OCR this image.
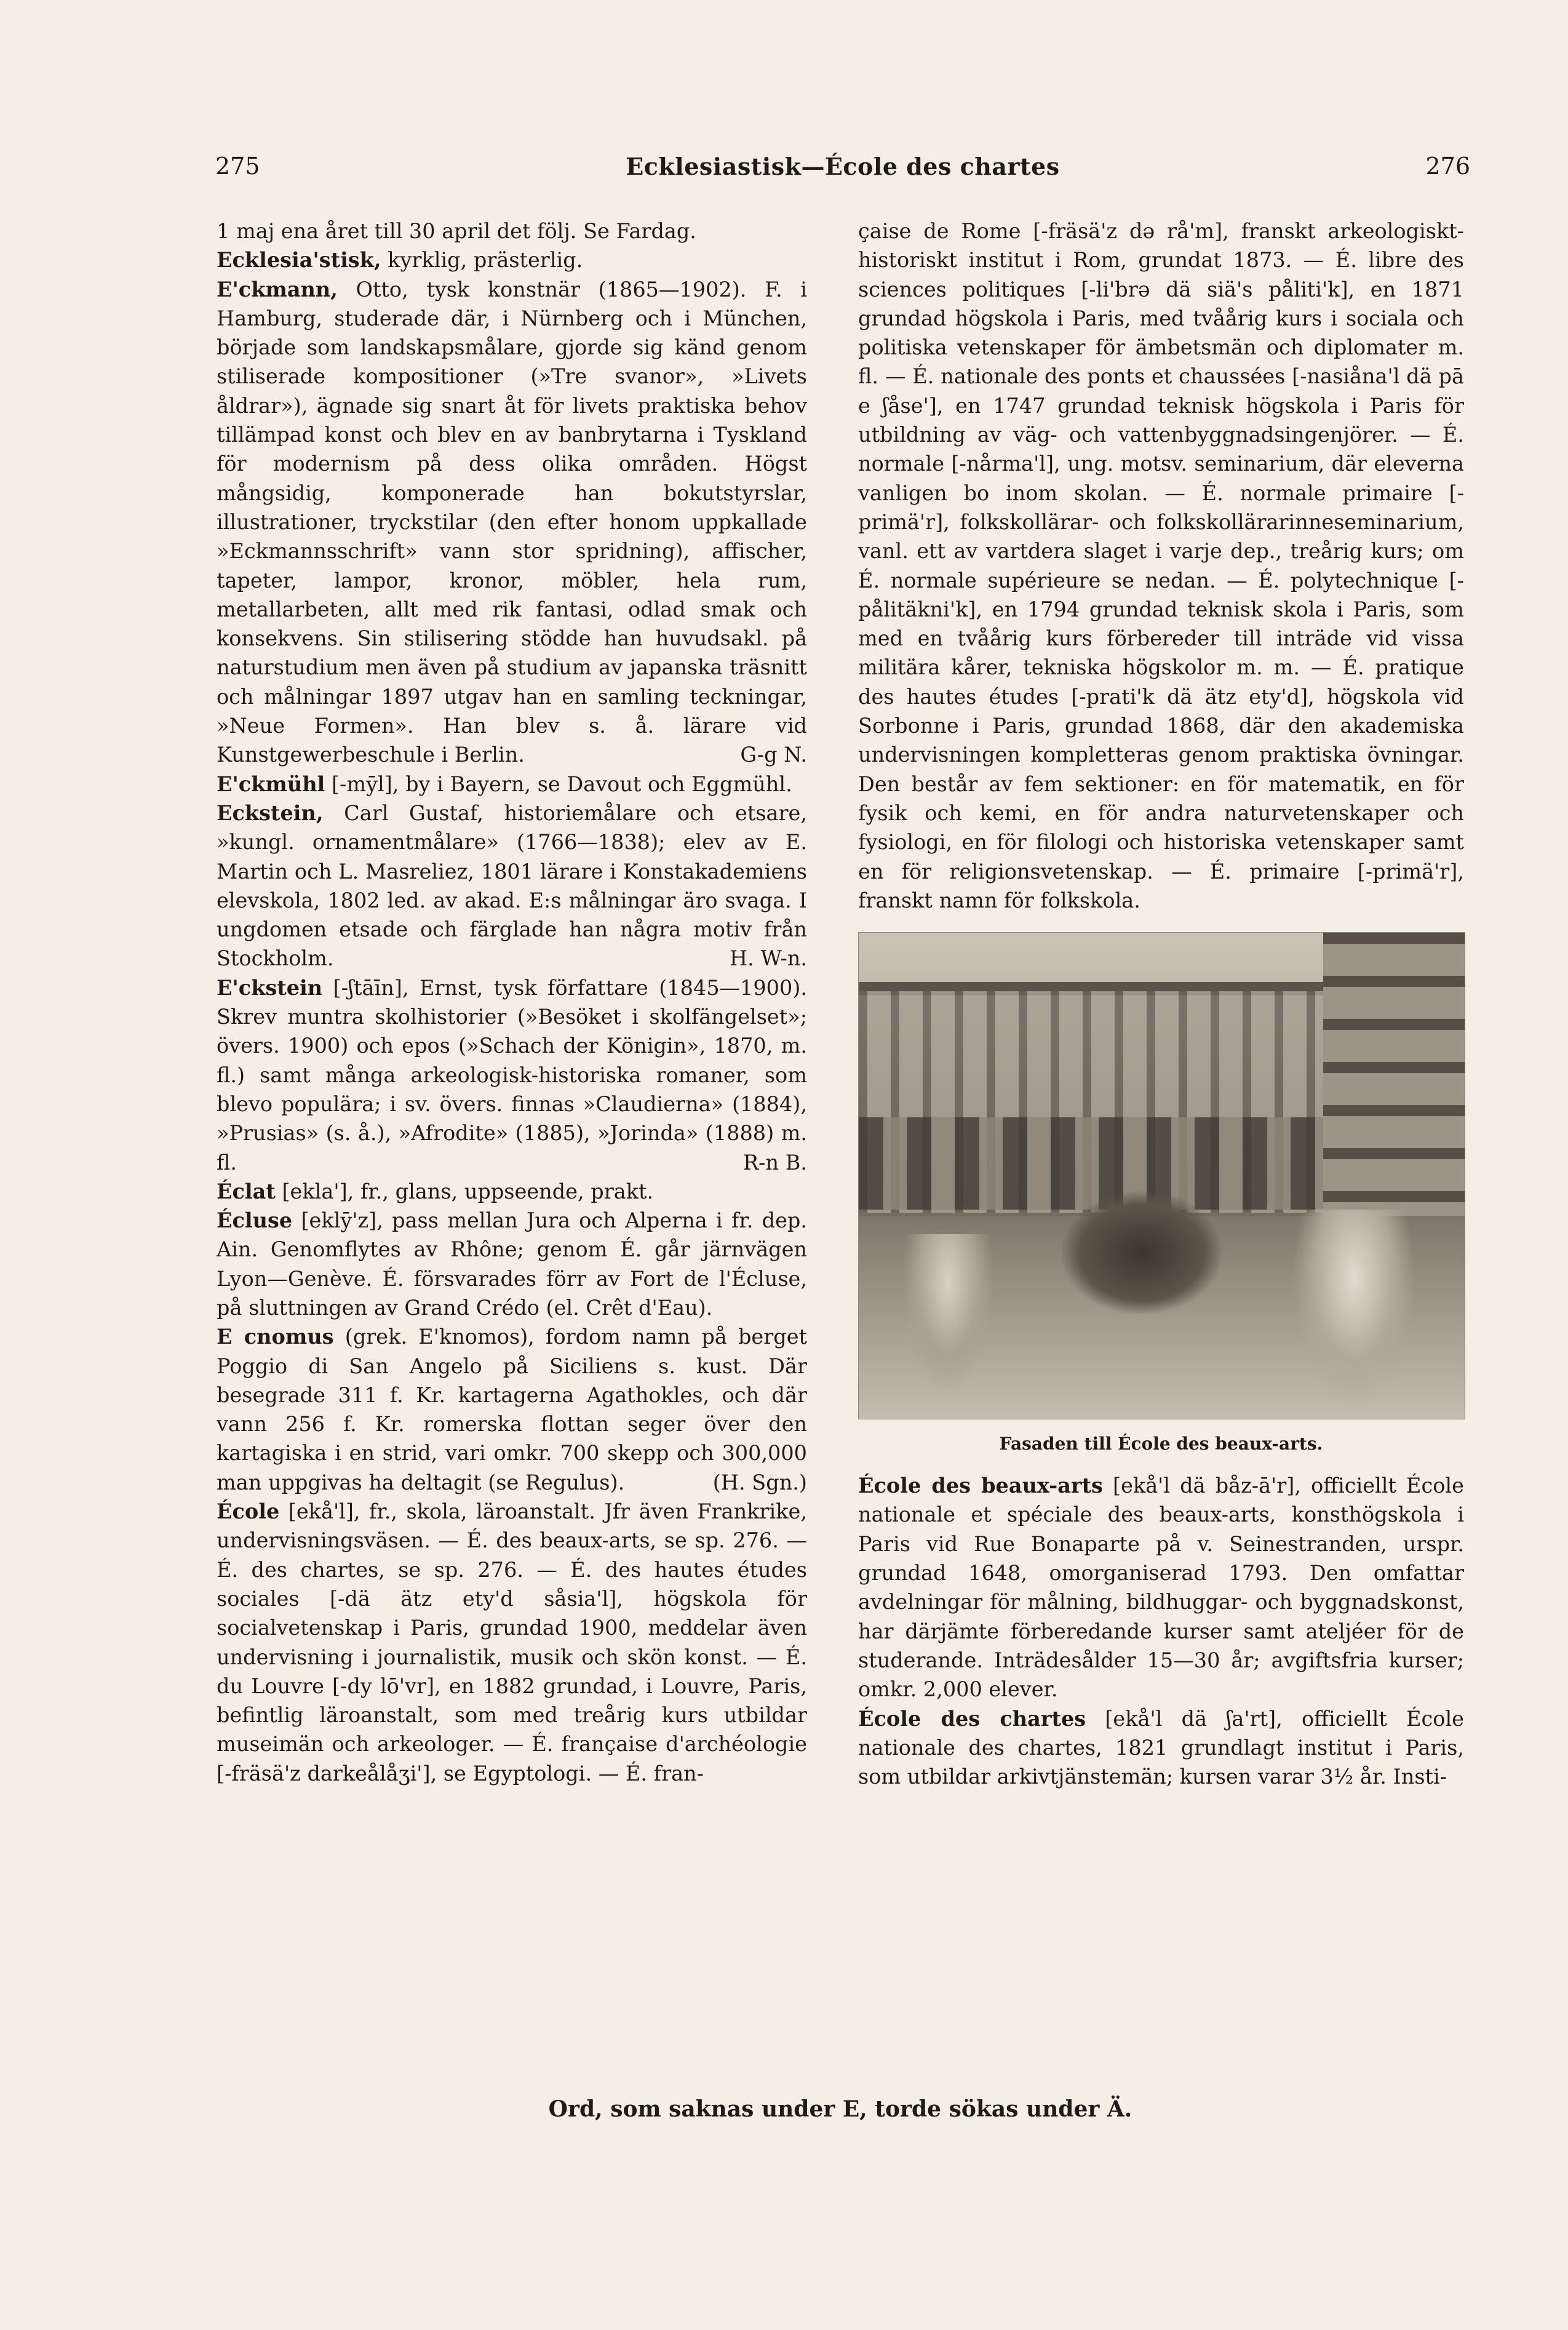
275	Ecklesiastisk—École des chartes	276

1 maj ena året till 30 april det följ. Se Fardag.

Ecklesia'stisk, kyrklig, prästerlig.

E'ckmann, Otto, tysk konstnär (1865—1902). F. i Hamburg, studerade där, i Nürnberg och i München, började som landskapsmålare, gjorde sig känd genom stiliserade kompositioner (»Tre svanor», »Livets åldrar»), ägnade sig snart åt för livets praktiska behov tillämpad konst och blev en av banbrytarna i Tyskland för modernism på dess olika områden. Högst mångsidig, komponerade han bokutstyrslar, illustrationer, tryckstilar (den efter honom uppkallade »Eckmannsschrift» vann stor spridning), affischer, tapeter, lampor, kronor, möbler, hela rum, metallarbeten, allt med rik fantasi, odlad smak och konsekvens. Sin stilisering stödde han huvudsakl. på naturstudium men även på studium av japanska träsnitt och målningar 1897 utgav han en samling teckningar, »Neue Formen». Han blev s. å. lärare vid Kunstgewerbeschule i Berlin.	G-g N.

E'ckmühl [-mȳl], by i Bayern, se Davout och Eggmühl.

Eckstein, Carl Gustaf, historiemålare och etsare, »kungl. ornamentmålare» (1766—1838); elev av E. Martin och L. Masreliez, 1801 lärare i Konstakademiens elevskola, 1802 led. av akad. E:s målningar äro svaga. I ungdomen etsade och färglade han några motiv från Stockholm.	H. W-n.

E'ckstein [-ʃtāīn], Ernst, tysk författare (1845—1900). Skrev muntra skolhistorier (»Besöket i skolfängelset»; övers. 1900) och epos (»Schach der Königin», 1870, m. fl.) samt många arkeologisk-historiska romaner, som blevo populära; i sv. övers. finnas »Claudierna» (1884), »Prusias» (s. å.), »Afrodite» (1885), »Jorinda» (1888) m. fl.	R-n B.

Éclat [ekla'], fr., glans, uppseende, prakt.

Écluse [eklȳ'z], pass mellan Jura och Alperna i fr. dep. Ain. Genomflytes av Rhône; genom É. går järnvägen Lyon—Genève. É. försvarades förr av Fort de l'Écluse, på sluttningen av Grand Crédo (el. Crêt d'Eau).

E cnomus (grek. E'knomos), fordom namn på berget Poggio di San Angelo på Siciliens s. kust. Där besegrade 311 f. Kr. kartagerna Agathokles, och där vann 256 f. Kr. romerska flottan seger över den kartagiska i en strid, vari omkr. 700 skepp och 300,000 man uppgivas ha deltagit (se Regulus).	(H. Sgn.)

École [ekå'l], fr., skola, läroanstalt. Jfr även Frankrike, undervisningsväsen. — É. des beaux-arts, se sp. 276. — É. des chartes, se sp. 276. — É. des hautes études sociales [-dä ätz ety'd såsia'l], högskola för socialvetenskap i Paris, grundad 1900, meddelar även undervisning i journalistik, musik och skön konst. — É. du Louvre [-dy lō'vr], en 1882 grundad, i Louvre, Paris, befintlig läroanstalt, som med treårig kurs utbildar museimän och arkeologer. — É. française d'archéologie [-fräsä'z darkeålåʒi'], se Egyptologi. — É. fran-

çaise de Rome [-fräsä'z də rå'm], franskt arkeologiskt-historiskt institut i Rom, grundat 1873. — É. libre des sciences politiques [-li'brə dä siä's påliti'k], en 1871 grundad högskola i Paris, med tvåårig kurs i sociala och politiska vetenskaper för ämbetsmän och diplomater m. fl. — É. nationale des ponts et chaussées [-nasiåna'l dä pā e ʃåse'], en 1747 grundad teknisk högskola i Paris för utbildning av väg- och vattenbyggnadsingenjörer. — É. normale [-nårma'l], ung. motsv. seminarium, där eleverna vanligen bo inom skolan. — É. normale primaire [-primä'r], folkskollärar- och folkskollärarinneseminarium, vanl. ett av vartdera slaget i varje dep., treårig kurs; om É. normale supérieure se nedan. — É. polytechnique [-pålitäkni'k], en 1794 grundad teknisk skola i Paris, som med en tvåårig kurs förbereder till inträde vid vissa militära kårer, tekniska högskolor m. m. — É. pratique des hautes études [-prati'k dä ätz ety'd], högskola vid Sorbonne i Paris, grundad 1868, där den akademiska undervisningen kompletteras genom praktiska övningar. Den består av fem sektioner: en för matematik, en för fysik och kemi, en för andra naturvetenskaper och fysiologi, en för filologi och historiska vetenskaper samt en för religionsvetenskap. — É. primaire [-primä'r], franskt namn för folkskola.

Fasaden till École des beaux-arts.

École des beaux-arts [ekå'l dä båz-ā'r], officiellt École nationale et spéciale des beaux-arts, konsthögskola i Paris vid Rue Bonaparte på v. Seinestranden, urspr. grundad 1648, omorganiserad 1793. Den omfattar avdelningar för målning, bildhuggar- och byggnadskonst, har därjämte förberedande kurser samt ateljéer för de studerande. Inträdesålder 15—30 år; avgiftsfria kurser; omkr. 2,000 elever.

École des chartes [ekå'l dä ʃa'rt], officiellt École nationale des chartes, 1821 grundlagt institut i Paris, som utbildar arkivtjänstemän; kursen varar 3½ år. Insti-

Ord, som saknas under E, torde sökas under Ä.
